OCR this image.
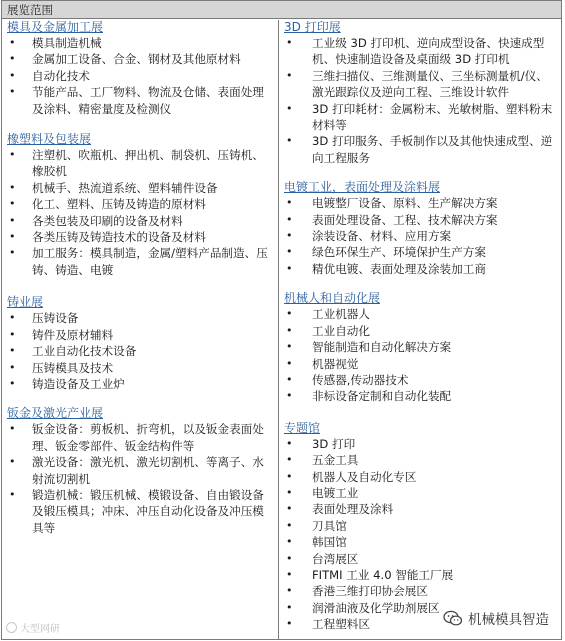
展览范围
模具及金属加工展
• 模具制造机械
• 金属加工设备、合金、钢材及其他原材料
• 自动化技术
• 节能产品、工厂物料、物流及仓储、表面处理及涂料、精密量度及检测仪
橡塑料及包装展
• 注塑机、吹瓶机、押出机、制袋机、压铸机、橡胶机
• 机械手、热流道系统、塑料辅件设备
• 化工、塑料、压铸及铸造的原材料
• 各类包装及印刷的设备及材料
• 各类压铸及铸造技术的设备及材料
• 加工服务：模具制造，金属/塑料产品制造、压铸、铸造、电镀
铸业展
• 压铸设备
• 铸件及原材辅料
• 工业自动化技术设备
• 压铸模具及技术
• 铸造设备及工业炉
钣金及激光产业展
• 钣金设备：剪板机、折弯机，以及钣金表面处理、钣金零部件、钣金结构件等
• 激光设备：激光机、激光切割机、等离子、水射流切割机
• 锻造机械：锻压机械、模锻设备、自由锻设备及锻压模具；冲床、冲压自动化设备及冲压模具等
3D 打印展
• 工业级 3D 打印机、逆向成型设备、快速成型机、快速制造设备及桌面级 3D 打印机
• 三维扫描仪、三维测量仪、三坐标测量机/仪、激光跟踪仪及逆向工程、三维设计软件
• 3D 打印耗材：金属粉末、光敏树脂、塑料粉末材料等
• 3D 打印服务、手板制作以及其他快速成型、逆向工程服务
电镀工业，表面处理及涂料展
• 电镀整厂设备、原料、生产解决方案
• 表面处理设备、工程、技术解决方案
• 涂装设备、材料、应用方案
• 绿色环保生产、环境保护生产方案
• 精优电镀、表面处理及涂装加工商
机械人和自动化展
• 工业机器人
• 工业自动化
• 智能制造和自动化解决方案
• 机器视觉
• 传感器,传动器技术
• 非标设备定制和自动化装配
专题馆
• 3D 打印
• 五金工具
• 机器人及自动化专区
• 电镀工业
• 表面处理及涂料
• 刀具馆
• 韩国馆
• 台湾展区
• FITMI 工业 4.0 智能工厂展
• 香港三维打印协会展区
• 润滑油液及化学助剂展区
• 工程塑料区
大型网研
机械模具智造
